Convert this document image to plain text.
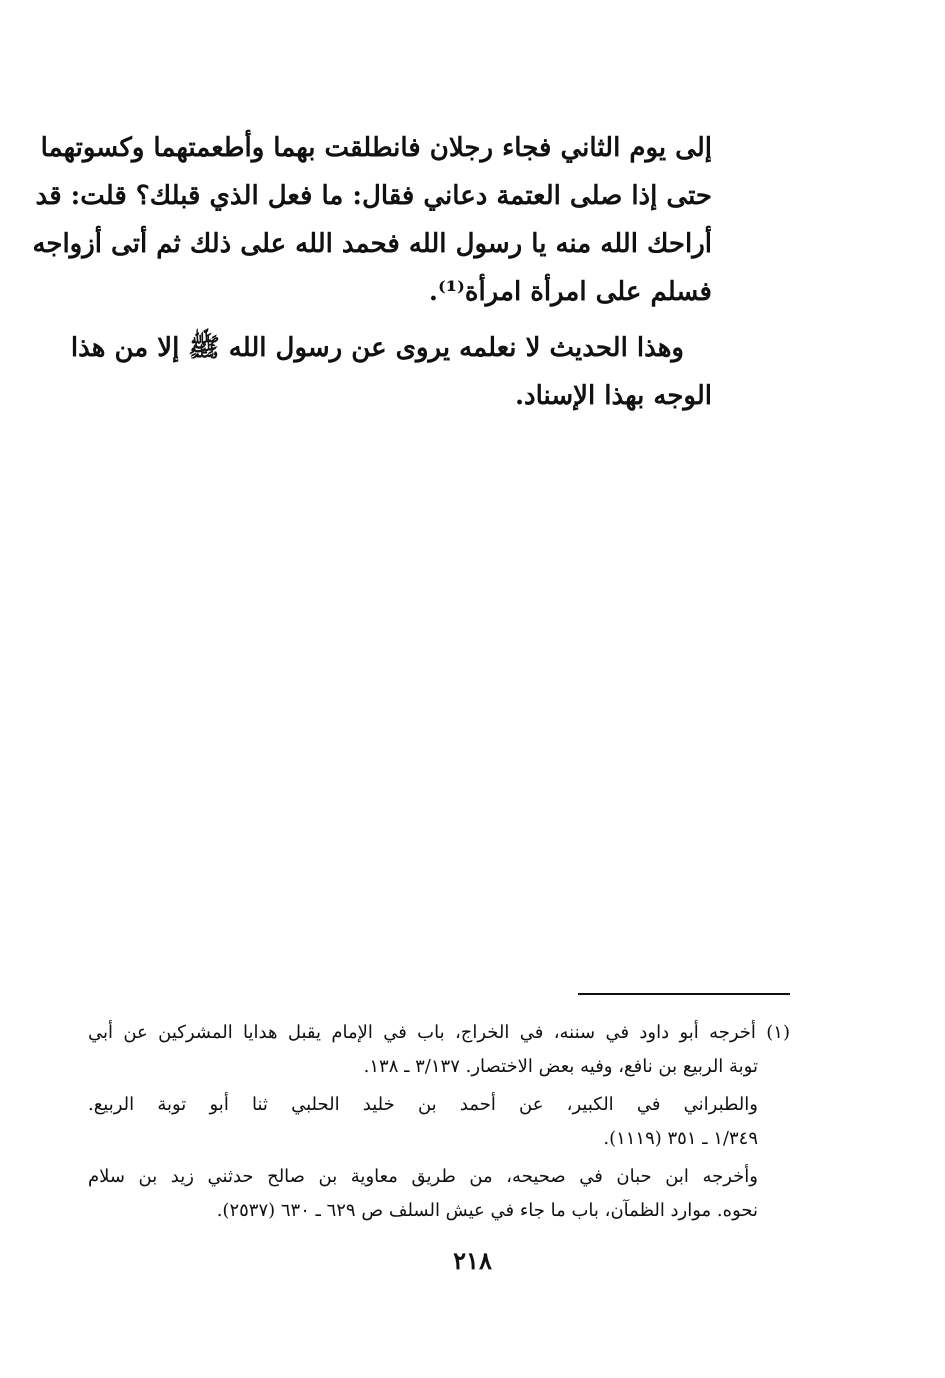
إلى يوم الثاني فجاء رجلان فانطلقت بهما وأطعمتهما وكسوتهما
حتى إذا صلى العتمة دعاني فقال: ما فعل الذي قبلك؟ قلت: قد
أراحك الله منه يا رسول الله فحمد الله على ذلك ثم أتى أزواجه
فسلم على امرأة امرأة⁽¹⁾.

وهذا الحديث لا نعلمه يروى عن رسول الله ﷺ إلا من هذا
الوجه بهذا الإسناد.

(١) أخرجه أبو داود في سننه، في الخراج، باب في الإمام يقبل هدايا المشركين عن أبي
توبة الربيع بن نافع، وفيه بعض الاختصار. ٣/١٣٧ ـ ١٣٨.

والطبراني في الكبير، عن أحمد بن خليد الحلبي ثنا أبو توبة الربيع.
١/٣٤٩ ـ ٣٥١ (١١١٩).

وأخرجه ابن حبان في صحيحه، من طريق معاوية بن صالح حدثني زيد بن سلام
نحوه. موارد الظمآن، باب ما جاء في عيش السلف ص ٦٢٩ ـ ٦٣٠ (٢٥٣٧).

٢١٨
